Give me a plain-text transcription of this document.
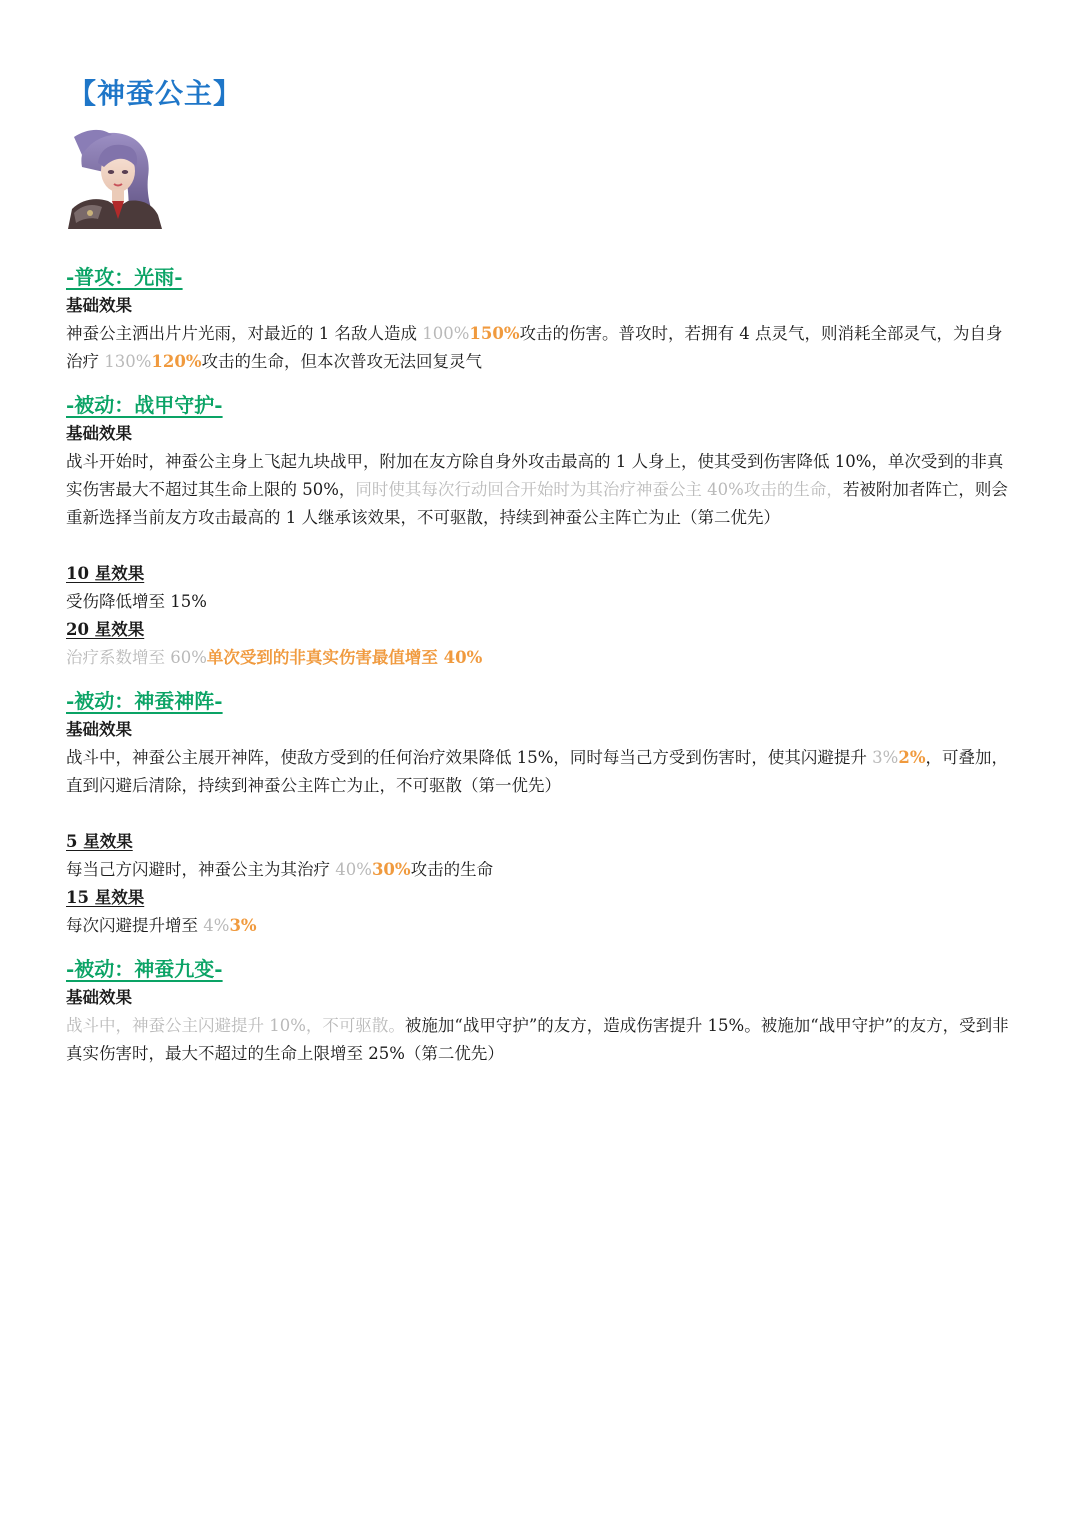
【神蚕公主】
-普攻：光雨-

基础效果

神蚕公主洒出片片光雨，对最近的 1 名敌人造成 100%150%攻击的伤害。普攻时，若拥有 4 点灵气，则消耗全部灵气，为自身治疗 130%120%攻击的生命，但本次普攻无法回复灵气

-被动：战甲守护-

基础效果

战斗开始时，神蚕公主身上飞起九块战甲，附加在友方除自身外攻击最高的 1 人身上，使其受到伤害降低 10%，单次受到的非真实伤害最大不超过其生命上限的 50%，同时使其每次行动回合开始时为其治疗神蚕公主 40%攻击的生命，若被附加者阵亡，则会重新选择当前友方攻击最高的 1 人继承该效果，不可驱散，持续到神蚕公主阵亡为止（第二优先）

10 星效果

受伤降低增至 15%

20 星效果

治疗系数增至 60%单次受到的非真实伤害最值增至 40%

-被动：神蚕神阵-

基础效果

战斗中，神蚕公主展开神阵，使敌方受到的任何治疗效果降低 15%，同时每当己方受到伤害时，使其闪避提升 3%2%，可叠加，直到闪避后清除，持续到神蚕公主阵亡为止，不可驱散（第一优先）

5 星效果

每当己方闪避时，神蚕公主为其治疗 40%30%攻击的生命

15 星效果

每次闪避提升增至 4%3%

-被动：神蚕九变-

基础效果

战斗中，神蚕公主闪避提升 10%，不可驱散。被施加“战甲守护”的友方，造成伤害提升 15%。被施加“战甲守护”的友方，受到非真实伤害时，最大不超过的生命上限增至 25%（第二优先）
